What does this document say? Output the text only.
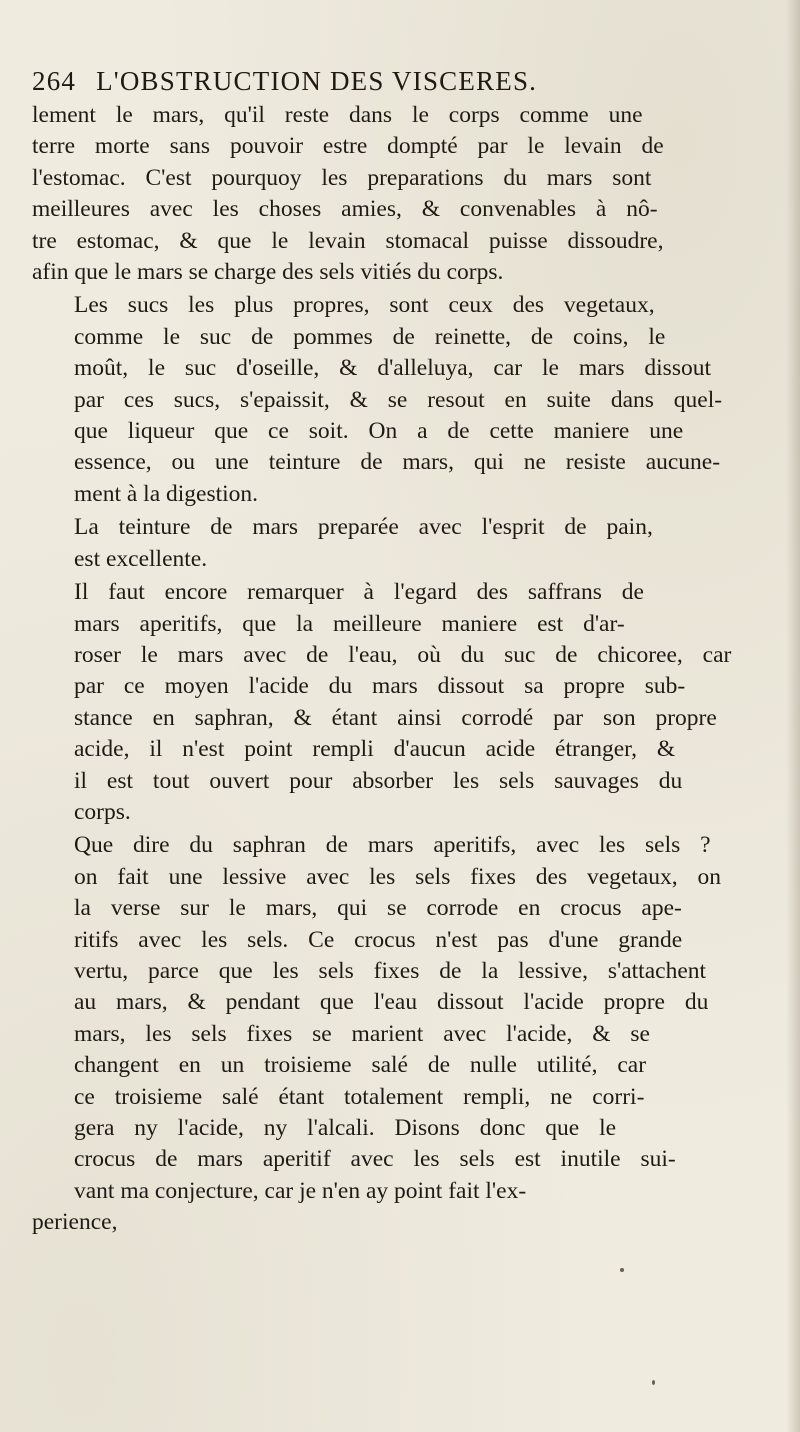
264 L'OBSTRUCTION DES VISCERES.

lement le mars, qu'il reste dans le corps comme une
terre morte sans pouvoir estre dompté par le levain de
l'estomac. C'est pourquoy les preparations du mars sont
meilleures avec les choses amies, & convenables à nô-
tre estomac, & que le levain stomacal puisse dissoudre,
afin que le mars se charge des sels vitiés du corps.

Les sucs les plus propres, sont ceux des vegetaux,
comme le suc de pommes de reinette, de coins, le
moût, le suc d'oseille, & d'alleluya, car le mars dissout
par ces sucs, s'epaissit, & se resout en suite dans quel-
que liqueur que ce soit. On a de cette maniere une
essence, ou une teinture de mars, qui ne resiste aucune-
ment à la digestion.

La teinture de mars preparée avec l'esprit de pain,
est excellente.

Il faut encore remarquer à l'egard des saffrans de
mars aperitifs, que la meilleure maniere est d'ar-
roser le mars avec de l'eau, où du suc de chicoree, car
par ce moyen l'acide du mars dissout sa propre sub-
stance en saphran, & étant ainsi corrodé par son propre
acide, il n'est point rempli d'aucun acide étranger, &
il est tout ouvert pour absorber les sels sauvages du
corps.

Que dire du saphran de mars aperitifs, avec les sels ?
on fait une lessive avec les sels fixes des vegetaux, on
la verse sur le mars, qui se corrode en crocus ape-
ritifs avec les sels. Ce crocus n'est pas d'une grande
vertu, parce que les sels fixes de la lessive, s'attachent
au mars, & pendant que l'eau dissout l'acide propre du
mars, les sels fixes se marient avec l'acide, & se
changent en un troisieme salé de nulle utilité, car
ce troisieme salé étant totalement rempli, ne corri-
gera ny l'acide, ny l'alcali. Disons donc que le
crocus de mars aperitif avec les sels est inutile sui-
vant ma conjecture, car je n'en ay point fait l'ex-

perience,
